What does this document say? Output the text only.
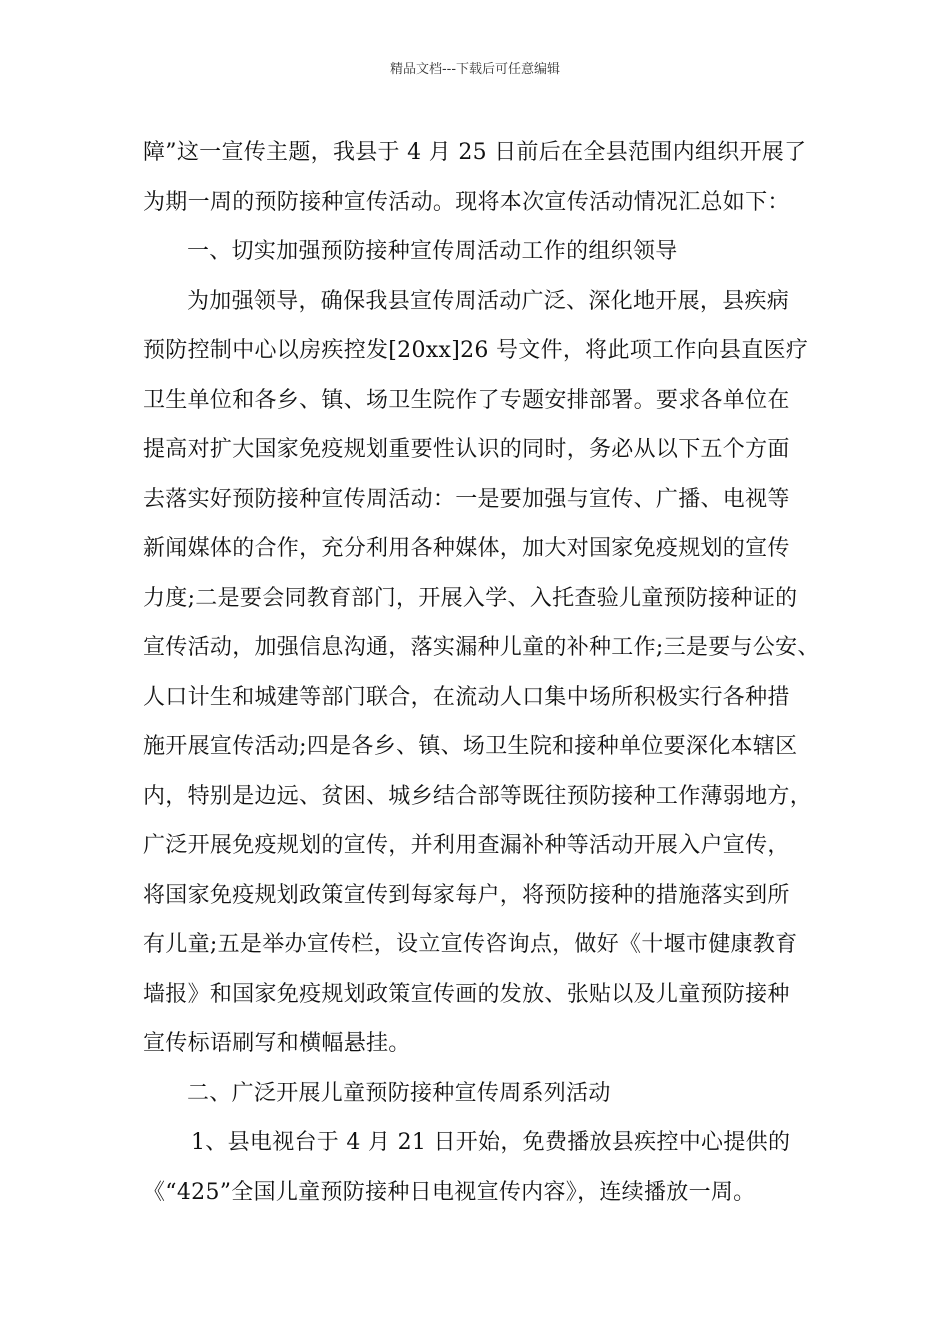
精品文档---下载后可任意编辑
障”这一宣传主题，我县于 4 月 25 日前后在全县范围内组织开展了
为期一周的预防接种宣传活动。现将本次宣传活动情况汇总如下：
一、切实加强预防接种宣传周活动工作的组织领导
为加强领导，确保我县宣传周活动广泛、深化地开展，县疾病
预防控制中心以房疾控发[20xx]26 号文件，将此项工作向县直医疗
卫生单位和各乡、镇、场卫生院作了专题安排部署。要求各单位在
提高对扩大国家免疫规划重要性认识的同时，务必从以下五个方面
去落实好预防接种宣传周活动：一是要加强与宣传、广播、电视等
新闻媒体的合作，充分利用各种媒体，加大对国家免疫规划的宣传
力度;二是要会同教育部门，开展入学、入托查验儿童预防接种证的
宣传活动，加强信息沟通，落实漏种儿童的补种工作;三是要与公安、
人口计生和城建等部门联合，在流动人口集中场所积极实行各种措
施开展宣传活动;四是各乡、镇、场卫生院和接种单位要深化本辖区
内，特别是边远、贫困、城乡结合部等既往预防接种工作薄弱地方，
广泛开展免疫规划的宣传，并利用查漏补种等活动开展入户宣传，
将国家免疫规划政策宣传到每家每户，将预防接种的措施落实到所
有儿童;五是举办宣传栏，设立宣传咨询点，做好《十堰市健康教育
墙报》和国家免疫规划政策宣传画的发放、张贴以及儿童预防接种
宣传标语刷写和横幅悬挂。
二、广泛开展儿童预防接种宣传周系列活动
1、县电视台于 4 月 21 日开始，免费播放县疾控中心提供的
《“425”全国儿童预防接种日电视宣传内容》，连续播放一周。
